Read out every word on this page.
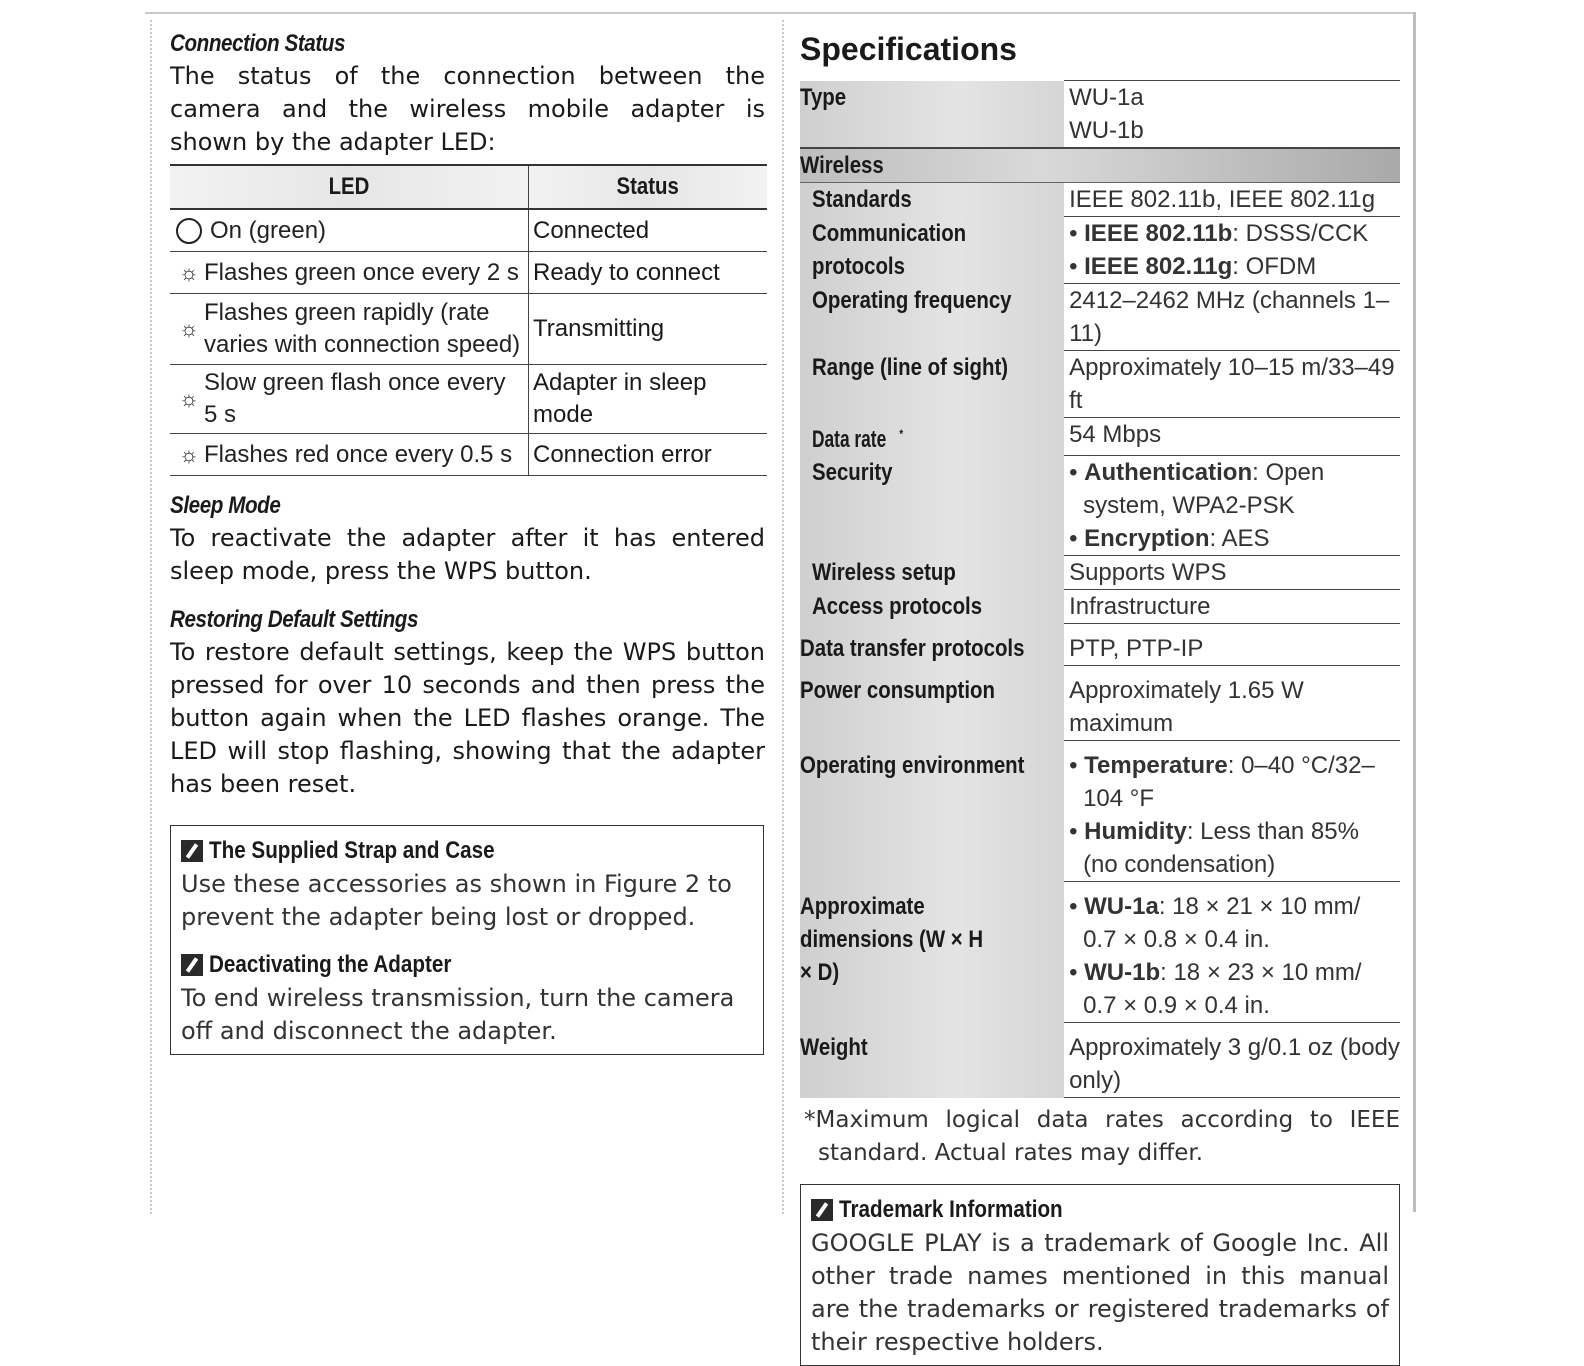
Connection Status

The status of the connection between the camera and the wireless mobile adapter is shown by the adapter LED:

LED	Status

On (green)	Connected

☼ Flashes green once every 2 s	Ready to connect

☼
Flashes green rapidly (rate varies with connection speed)	Transmitting

☼
Slow green flash once every 5 s	Adapter in sleep mode

☼ Flashes red once every 0.5 s	Connection error
Sleep Mode

To reactivate the adapter after it has entered sleep mode, press the WPS button.

Restoring Default Settings

To restore default settings, keep the WPS button pressed for over 10 seconds and then press the button again when the LED flashes orange. The LED will stop flashing, showing that the adapter has been reset.

The Supplied Strap and Case

Use these accessories as shown in Figure 2 to prevent the adapter being lost or dropped.

Deactivating the Adapter

To end wireless transmission, turn the camera off and disconnect the adapter.

Specifications
Type	WU-1a
WU-1b

Wireless	
Standards	IEEE 802.11b, IEEE 802.11g
Communication protocols	• IEEE 802.11b: DSSS/CCK
• IEEE 802.11g: OFDM

Operating frequency	2412–2462 MHz (channels 1–11)
Range (line of sight)	Approximately 10–15 m/33–49 ft
Data rate *	54 Mbps
Security	• Authentication: Open system, WPA2-PSK
• Encryption: AES

Wireless setup	Supports WPS
Access protocols	Infrastructure
Data transfer protocols	PTP, PTP-IP
Power consumption	Approximately 1.65 W maximum
Operating environment	• Temperature: 0–40 °C/32–104 °F
• Humidity: Less than 85% (no condensation)

Approximate dimensions (W × H × D)	• WU-1a: 18 × 21 × 10 mm/
0.7 × 0.8 × 0.4 in.
• WU-1b: 18 × 23 × 10 mm/
0.7 × 0.9 × 0.4 in.

Weight	Approximately 3 g/0.1 oz (body only)

*Maximum logical data rates according to IEEE standard. Actual rates may differ.

Trademark Information

GOOGLE PLAY is a trademark of Google Inc. All other trade names mentioned in this manual are the trademarks or registered trademarks of their respective holders.
